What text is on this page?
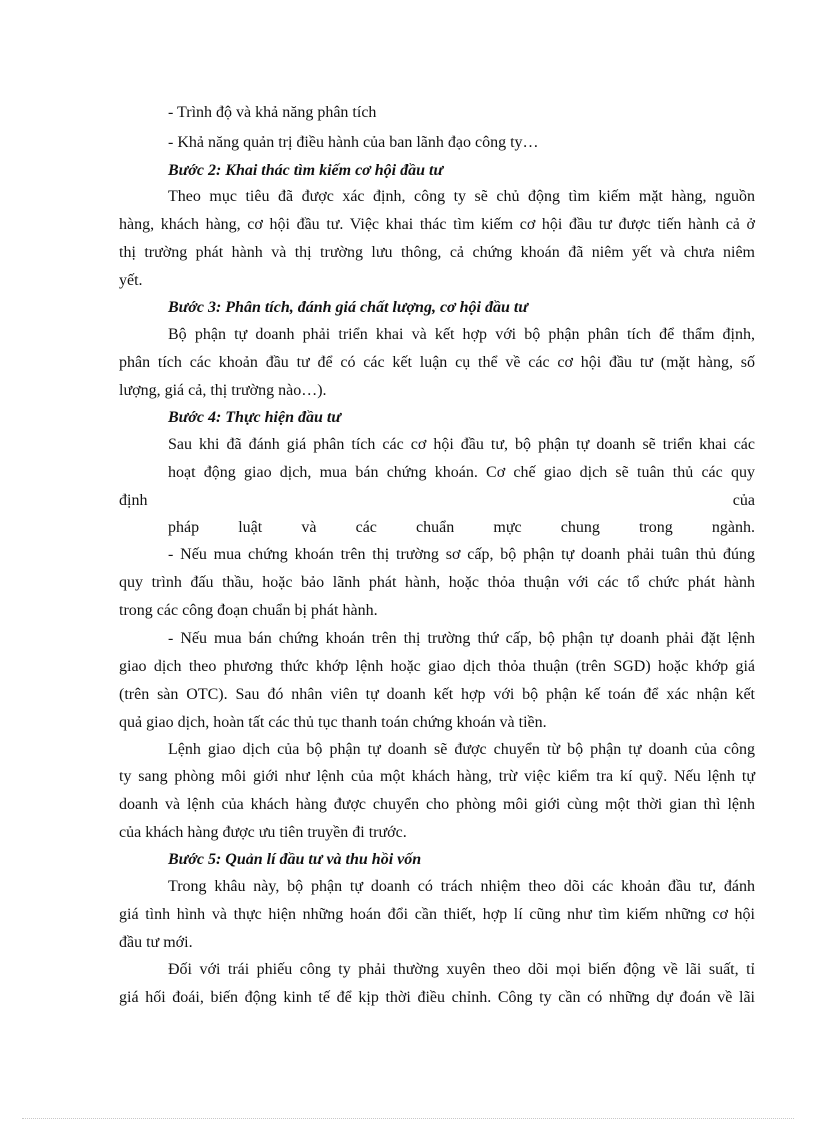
- Trình độ và khả năng phân tích
- Khả năng quản trị điều hành của ban lãnh đạo công ty…
Bước 2: Khai thác tìm kiếm cơ hội đầu tư
Theo mục tiêu đã được xác định, công ty sẽ chủ động tìm kiếm mặt hàng, nguồn
hàng, khách hàng, cơ hội đầu tư. Việc khai thác tìm kiếm cơ hội đầu tư được tiến hành cả ở
thị trường phát hành và thị trường lưu thông, cả chứng khoán đã niêm yết và chưa niêm
yết.
Bước 3: Phân tích, đánh giá chất lượng, cơ hội đầu tư
Bộ phận tự doanh phải triển khai và kết hợp với bộ phận phân tích để thẩm định,
phân tích các khoản đầu tư để có các kết luận cụ thể về các cơ hội đầu tư (mặt hàng, số
lượng, giá cả, thị trường nào…).
Bước 4: Thực hiện đầu tư
Sau khi đã đánh giá phân tích các cơ hội đầu tư, bộ phận tự doanh sẽ triển khai các
hoạt động giao dịch, mua bán chứng khoán. Cơ chế giao dịch sẽ tuân thủ các quy
định của
pháp luật và các chuẩn mực chung trong ngành.
- Nếu mua chứng khoán trên thị trường sơ cấp, bộ phận tự doanh phải tuân thủ đúng
quy trình đấu thầu, hoặc bảo lãnh phát hành, hoặc thỏa thuận với các tổ chức phát hành
trong các công đoạn chuẩn bị phát hành.
- Nếu mua bán chứng khoán trên thị trường thứ cấp, bộ phận tự doanh phải đặt lệnh
giao dịch theo phương thức khớp lệnh hoặc giao dịch thỏa thuận (trên SGD) hoặc khớp giá
(trên sàn OTC). Sau đó nhân viên tự doanh kết hợp với bộ phận kế toán để xác nhận kết
quả giao dịch, hoàn tất các thủ tục thanh toán chứng khoán và tiền.
Lệnh giao dịch của bộ phận tự doanh sẽ được chuyển từ bộ phận tự doanh của công
ty sang phòng môi giới như lệnh của một khách hàng, trừ việc kiểm tra kí quỹ. Nếu lệnh tự
doanh và lệnh của khách hàng được chuyển cho phòng môi giới cùng một thời gian thì lệnh
của khách hàng được ưu tiên truyền đi trước.
Bước 5: Quản lí đầu tư và thu hồi vốn
Trong khâu này, bộ phận tự doanh có trách nhiệm theo dõi các khoản đầu tư, đánh
giá tình hình và thực hiện những hoán đổi cần thiết, hợp lí cũng như tìm kiếm những cơ hội
đầu tư mới.
Đối với trái phiếu công ty phải thường xuyên theo dõi mọi biến động về lãi suất, tỉ
giá hối đoái, biến động kinh tế để kịp thời điều chỉnh. Công ty cần có những dự đoán về lãi
